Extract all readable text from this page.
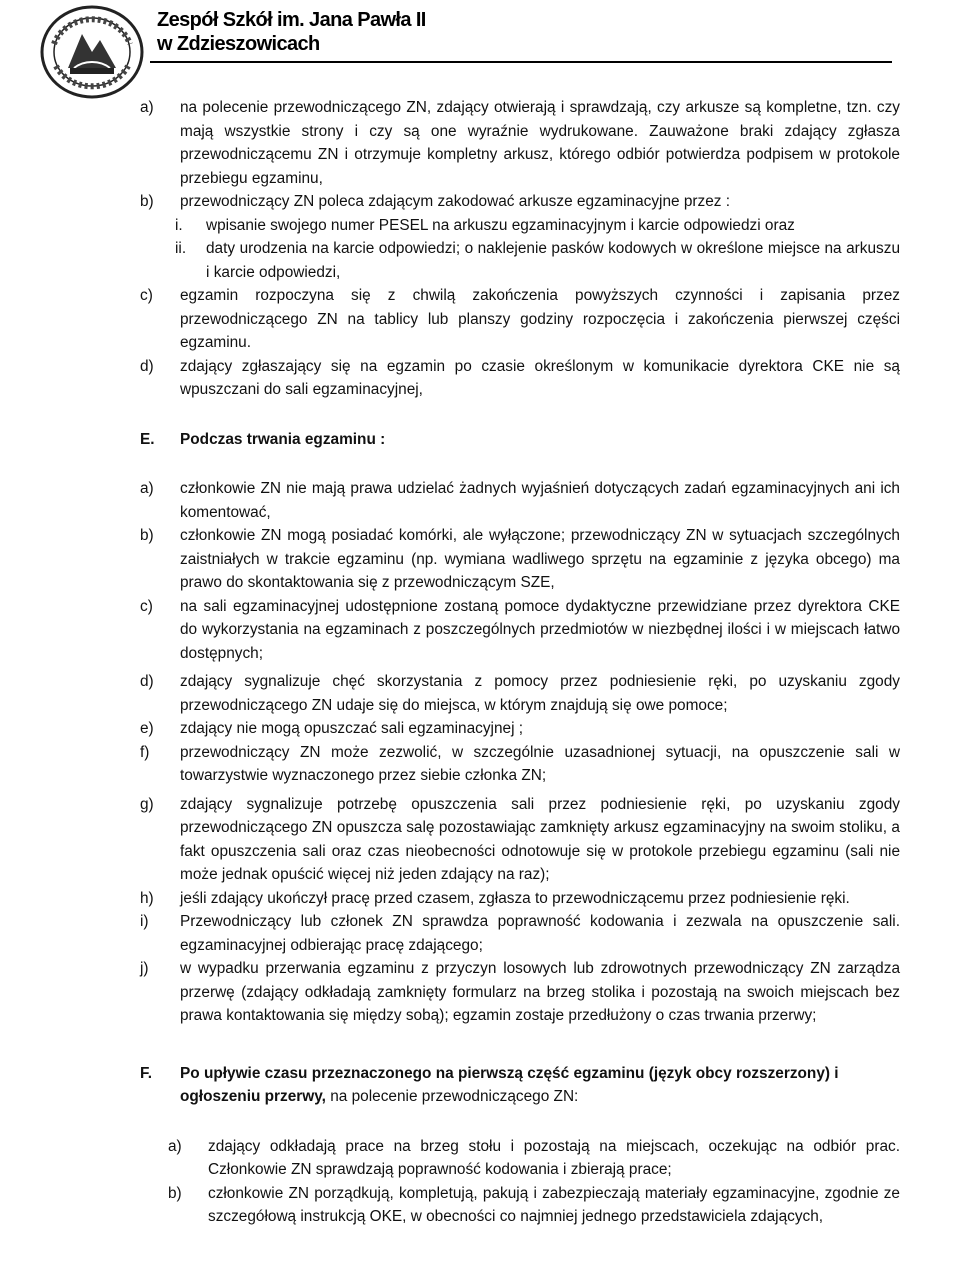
Zespół Szkół im. Jana Pawła II
w Zdzieszowicach
a) na polecenie przewodniczącego ZN, zdający otwierają i sprawdzają, czy arkusze są kompletne, tzn. czy mają wszystkie strony i czy są one wyraźnie wydrukowane. Zauważone braki zdający zgłasza przewodniczącemu ZN i otrzymuje kompletny arkusz, którego odbiór potwierdza podpisem w protokole przebiegu egzaminu,
b) przewodniczący ZN poleca zdającym zakodować arkusze egzaminacyjne przez :
i. wpisanie swojego numer PESEL na arkuszu egzaminacyjnym i karcie odpowiedzi oraz
ii. daty urodzenia na karcie odpowiedzi; o naklejenie pasków kodowych w określone miejsce na arkuszu i karcie odpowiedzi,
c) egzamin rozpoczyna się z chwilą zakończenia powyższych czynności i zapisania przez przewodniczącego ZN na tablicy lub planszy godziny rozpoczęcia i zakończenia pierwszej części egzaminu.
d) zdający zgłaszający się na egzamin po czasie określonym w komunikacie dyrektora CKE nie są wpuszczani do sali egzaminacyjnej,
E. Podczas trwania egzaminu :
a) członkowie ZN nie mają prawa udzielać żadnych wyjaśnień dotyczących zadań egzaminacyjnych ani ich komentować,
b) członkowie ZN mogą posiadać komórki, ale wyłączone; przewodniczący ZN w sytuacjach szczególnych zaistniałych w trakcie egzaminu (np. wymiana wadliwego sprzętu na egzaminie z języka obcego) ma prawo do skontaktowania się z przewodniczącym SZE,
c) na sali egzaminacyjnej udostępnione zostaną pomoce dydaktyczne przewidziane przez dyrektora CKE do wykorzystania na egzaminach z poszczególnych przedmiotów w niezbędnej ilości i w miejscach łatwo dostępnych;
d) zdający sygnalizuje chęć skorzystania z pomocy przez podniesienie ręki, po uzyskaniu zgody przewodniczącego ZN udaje się do miejsca, w którym znajdują się owe pomoce;
e) zdający nie mogą opuszczać sali egzaminacyjnej ;
f) przewodniczący ZN może zezwolić, w szczególnie uzasadnionej sytuacji, na opuszczenie sali w towarzystwie wyznaczonego przez siebie członka ZN;
g) zdający sygnalizuje potrzebę opuszczenia sali przez podniesienie ręki, po uzyskaniu zgody przewodniczącego ZN opuszcza salę pozostawiając zamknięty arkusz egzaminacyjny na swoim stoliku, a fakt opuszczenia sali oraz czas nieobecności odnotowuje się w protokole przebiegu egzaminu (sali nie może jednak opuścić więcej niż jeden zdający na raz);
h) jeśli zdający ukończył pracę przed czasem, zgłasza to przewodniczącemu przez podniesienie ręki.
i) Przewodniczący lub członek ZN sprawdza poprawność kodowania i zezwala na opuszczenie sali. egzaminacyjnej odbierając pracę zdającego;
j) w wypadku przerwania egzaminu z przyczyn losowych lub zdrowotnych przewodniczący ZN zarządza przerwę (zdający odkładają zamknięty formularz na brzeg stolika i pozostają na swoich miejscach bez prawa kontaktowania się między sobą); egzamin zostaje przedłużony o czas trwania przerwy;
F. Po upływie czasu przeznaczonego na pierwszą część egzaminu (język obcy rozszerzony) i ogłoszeniu przerwy, na polecenie przewodniczącego ZN:
a) zdający odkładają prace na brzeg stołu i pozostają na miejscach, oczekując na odbiór prac. Członkowie ZN sprawdzają poprawność kodowania i zbierają prace;
b) członkowie ZN porządkują, kompletują, pakują i zabezpieczają materiały egzaminacyjne, zgodnie ze szczegółową instrukcją OKE, w obecności co najmniej jednego przedstawiciela zdających,
